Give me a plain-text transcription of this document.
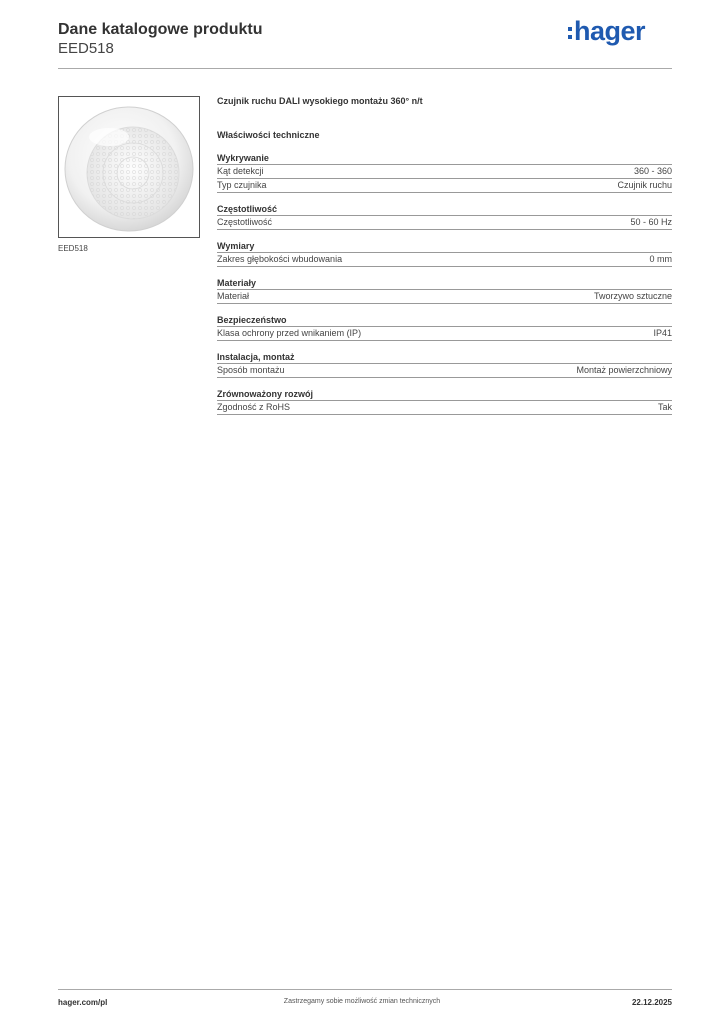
Dane katalogowe produktu
EED518
hager
EED518
Czujnik ruchu DALI wysokiego montażu 360° n/t
Właściwości techniczne
Wykrywanie
Kąt detekcji	360 - 360
Typ czujnika	Czujnik ruchu
Częstotliwość
Częstotliwość	50 - 60 Hz
Wymiary
Zakres głębokości wbudowania	0 mm
Materiały
Materiał	Tworzywo sztuczne
Bezpieczeństwo
Klasa ochrony przed wnikaniem (IP)	IP41
Instalacja, montaż
Sposób montażu	Montaż powierzchniowy
Zrównoważony rozwój
Zgodność z RoHS	Tak
hager.com/pl	Zastrzegamy sobie możliwość zmian technicznych	22.12.2025
